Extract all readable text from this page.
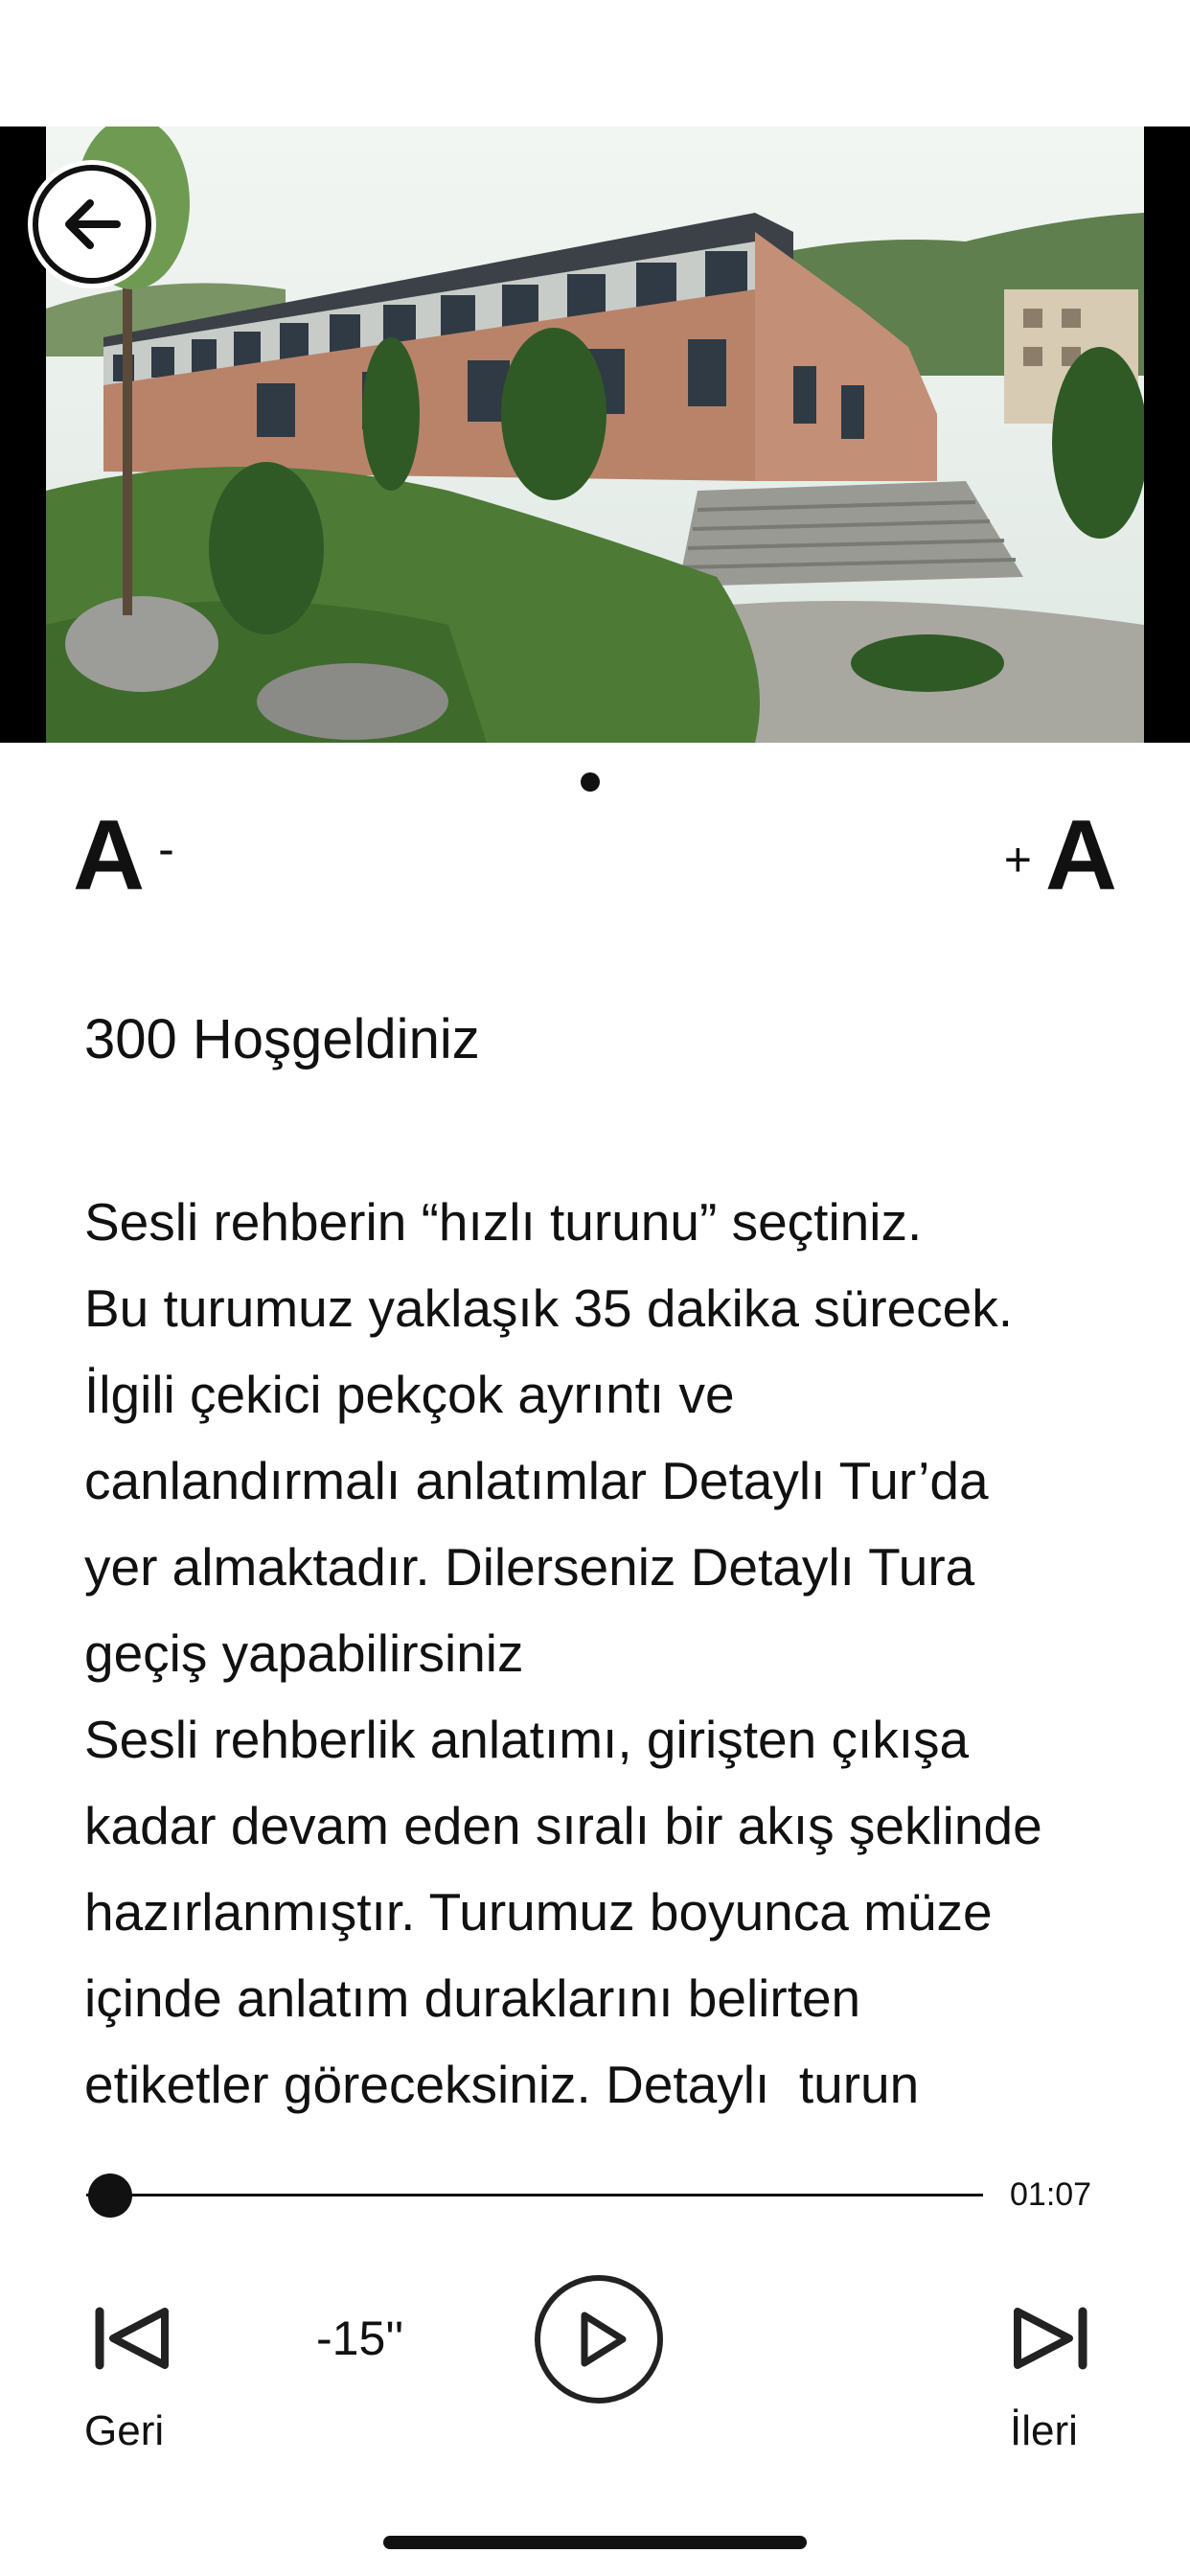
A -	+ A
300 Hoşgeldiniz
Sesli rehberin “hızlı turunu” seçtiniz.
Bu turumuz yaklaşık 35 dakika sürecek.
İlgili çekici pekçok ayrıntı ve
canlandırmalı anlatımlar Detaylı Tur’da
yer almaktadır. Dilerseniz Detaylı Tura
geçiş yapabilirsiniz
Sesli rehberlik anlatımı, girişten çıkışa
kadar devam eden sıralı bir akış şeklinde
hazırlanmıştır. Turumuz boyunca müze
içinde anlatım duraklarını belirten
etiketler göreceksiniz. Detaylı  turun
01:07
Geri
-15''
İleri
